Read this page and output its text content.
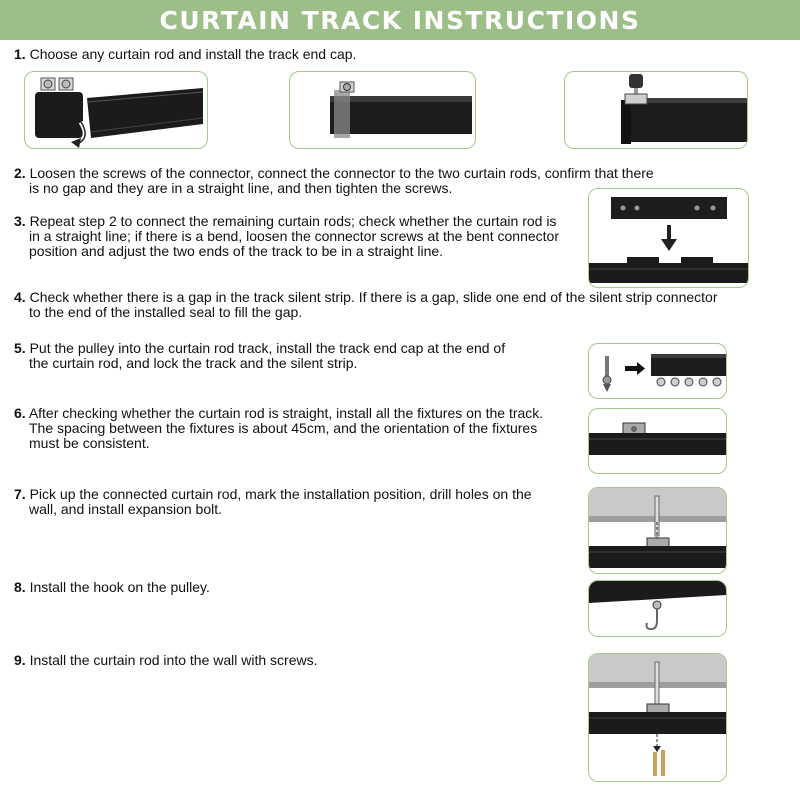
CURTAIN TRACK INSTRUCTIONS
1. Choose any curtain rod and install the track end cap.
2. Loosen the screws of the connector, connect the connector to the two curtain rods, confirm that there
is no gap and they are in a straight line, and then tighten the screws.
3. Repeat step 2 to connect the remaining curtain rods; check whether the curtain rod is
in a straight line; if there is a bend, loosen the connector screws at the bent connector
position and adjust the two ends of the track to be in a straight line.
4. Check whether there is a gap in the track silent strip. If there is a gap, slide one end of the silent strip connector
to the end of the installed seal to fill the gap.
5. Put the pulley into the curtain rod track, install the track end cap at the end of
the curtain rod, and lock the track and the silent strip.
6. After checking whether the curtain rod is straight, install all the fixtures on the track.
The spacing between the fixtures is about 45cm, and the orientation of the fixtures
must be consistent.
7. Pick up the connected curtain rod, mark the installation position, drill holes on the
wall, and install expansion bolt.
8. Install the hook on the pulley.
9. Install the curtain rod into the wall with screws.
